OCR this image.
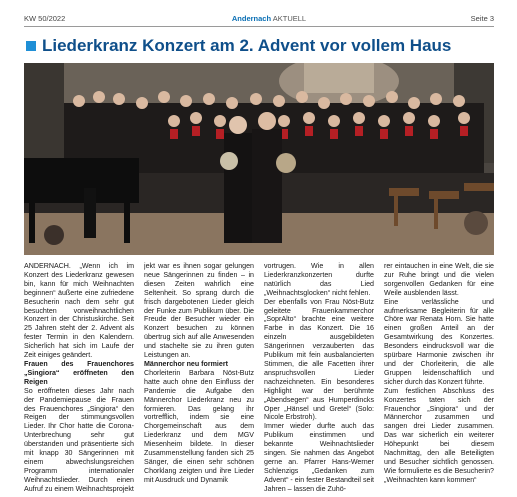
KW 50/2022	Andernach AKTUELL	Seite 3
Liederkranz Konzert am 2. Advent vor vollem Haus

ANDERNACH. „Wenn ich im Konzert des Liederkranz gewesen bin, kann für mich Weihnachten beginnen“ äußerte eine zufriedene Besucherin nach dem sehr gut besuchten vorweihnachtlichen Konzert in der Christuskirche. Seit 25 Jahren steht der 2. Advent als fester Termin in den Kalendern. Sicherlich hat sich im Laufe der Zeit einiges geändert.

Frauen des Frauenchores „Singiora“ eröffneten den Reigen

So eröffneten dieses Jahr nach der Pandemiepause die Frauen des Frauenchores „Singiora“ den Reigen der stimmungsvollen Lieder. Ihr Chor hatte die Corona-Unterbrechung sehr gut überstanden und präsentierte sich mit knapp 30 Sängerinnen mit einem abwechslungsreichen Programm internationaler Weihnachtslieder. Durch einen Aufruf zu einem Weihnachtsprojekt

jekt war es ihnen sogar gelungen neue Sängerinnen zu finden – in diesen Zeiten wahrlich eine Seltenheit. So sprang durch die frisch dargebotenen Lieder gleich der Funke zum Publikum über. Die Freude der Besucher wieder ein Konzert besuchen zu können übertrug sich auf alle Anwesenden und stachelte sie zu ihren guten Leistungen an.

Männerchor neu formiert

Chorleiterin Barbara Nöst-Butz hatte auch ohne den Einfluss der Pandemie die Aufgabe den Männerchor Liederkranz neu zu formieren. Das gelang ihr vortrefflich, indem sie eine Chorgemeinschaft aus dem Liederkranz und dem MGV Miesenheim bildete. In dieser Zusammenstellung fanden sich 25 Sänger, die einen sehr schönen Chorklang zeigten und ihre Lieder mit Ausdruck und Dynamik

vortrugen. Wie in allen Liederkranzkonzerten durfte natürlich das Lied „Weihnachtsglocken“ nicht fehlen.

Der ebenfalls von Frau Nöst-Butz geleitete Frauenkammerchor „SoprAlto“ brachte eine weitere Farbe in das Konzert. Die 16 einzeln ausgebildeten Sängerinnen verzauberten das Publikum mit fein ausbalancierten Stimmen, die alle Facetten ihrer anspruchsvollen Lieder nachzeichneten. Ein besonderes Highlight war der berühmte „Abendsegen“ aus Humperdincks Oper „Hänsel und Gretel“ (Solo: Nicole Erbstroh).

Immer wieder durfte auch das Publikum einstimmen und bekannte Weihnachtslieder singen. Sie nahmen das Angebot gerne an. Pfarrer Hans-Werner Schlenzigs „Gedanken zum Advent“ - ein fester Bestandteil seit Jahren – lassen die Zuhö-

rer eintauchen in eine Welt, die sie zur Ruhe bringt und die vielen sorgenvollen Gedanken für eine Weile ausblenden lässt.

Eine verlässliche und aufmerksame Begleiterin für alle Chöre war Renata Horn. Sie hatte einen großen Anteil an der Gesamtwirkung des Konzertes. Besonders eindrucksvoll war die spürbare Harmonie zwischen ihr und der Chorleiterin, die alle Gruppen leidenschaftlich und sicher durch das Konzert führte.

Zum festlichen Abschluss des Konzertes taten sich der Frauenchor „Singiora“ und der Männerchor zusammen und sangen drei Lieder zusammen. Das war sicherlich ein weiterer Höhepunkt bei diesem Nachmittag, den alle Beteiligten und Besucher sichtlich genossen. Wie formulierte es die Besucherin? „Weihnachten kann kommen“
